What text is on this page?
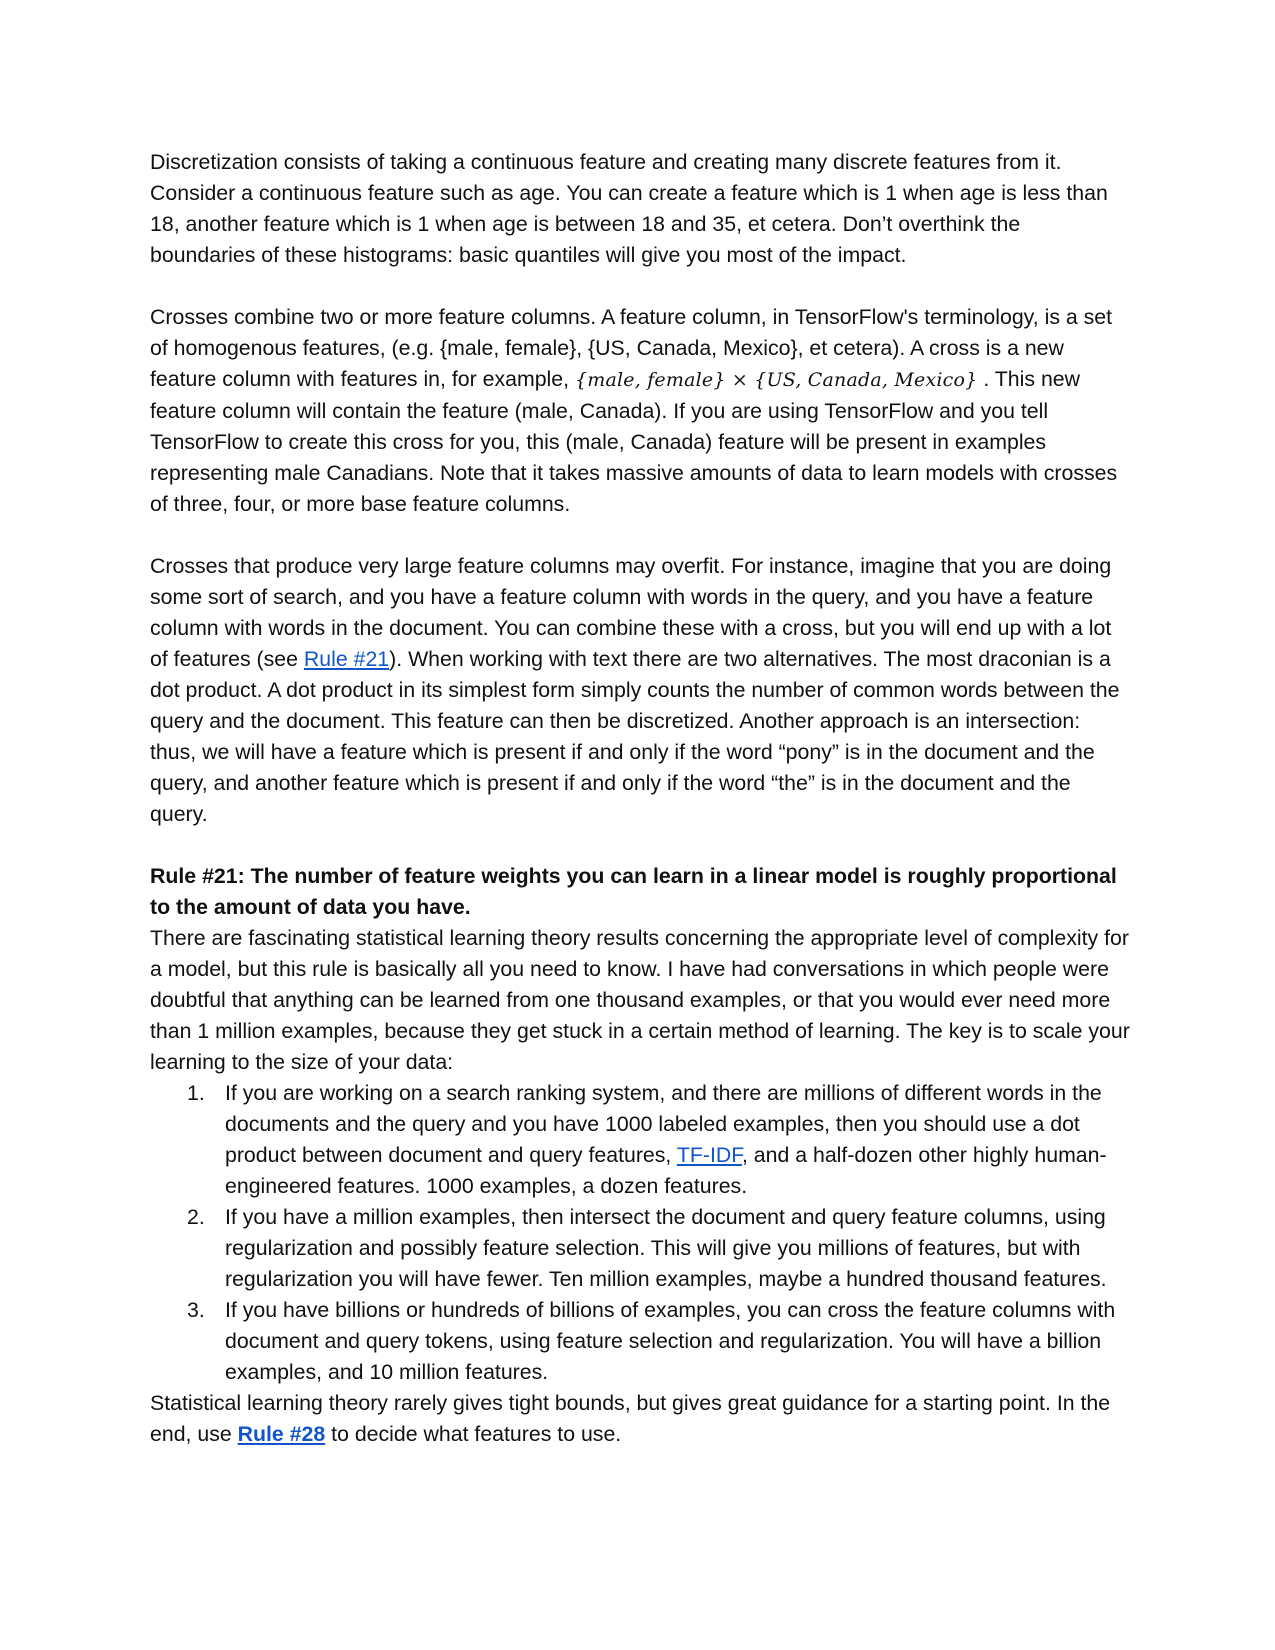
Discretization consists of taking a continuous feature and creating many discrete features from it. Consider a continuous feature such as age. You can create a feature which is 1 when age is less than 18, another feature which is 1 when age is between 18 and 35, et cetera. Don’t overthink the boundaries of these histograms: basic quantiles will give you most of the impact.

Crosses combine two or more feature columns. A feature column, in TensorFlow's terminology, is a set of homogenous features, (e.g. {male, female}, {US, Canada, Mexico}, et cetera). A cross is a new feature column with features in, for example, {male, female} × {US, Canada, Mexico} . This new feature column will contain the feature (male, Canada). If you are using TensorFlow and you tell TensorFlow to create this cross for you, this (male, Canada) feature will be present in examples representing male Canadians. Note that it takes massive amounts of data to learn models with crosses of three, four, or more base feature columns.

Crosses that produce very large feature columns may overfit. For instance, imagine that you are doing some sort of search, and you have a feature column with words in the query, and you have a feature column with words in the document. You can combine these with a cross, but you will end up with a lot of features (see Rule #21). When working with text there are two alternatives. The most draconian is a dot product. A dot product in its simplest form simply counts the number of common words between the query and the document. This feature can then be discretized. Another approach is an intersection: thus, we will have a feature which is present if and only if the word “pony” is in the document and the query, and another feature which is present if and only if the word “the” is in the document and the query.

Rule #21: The number of feature weights you can learn in a linear model is roughly proportional to the amount of data you have.

There are fascinating statistical learning theory results concerning the appropriate level of complexity for a model, but this rule is basically all you need to know. I have had conversations in which people were doubtful that anything can be learned from one thousand examples, or that you would ever need more than 1 million examples, because they get stuck in a certain method of learning. The key is to scale your learning to the size of your data:

1. If you are working on a search ranking system, and there are millions of different words in the documents and the query and you have 1000 labeled examples, then you should use a dot product between document and query features, TF-IDF, and a half-dozen other highly human-engineered features. 1000 examples, a dozen features.
2. If you have a million examples, then intersect the document and query feature columns, using regularization and possibly feature selection. This will give you millions of features, but with regularization you will have fewer. Ten million examples, maybe a hundred thousand features.
3. If you have billions or hundreds of billions of examples, you can cross the feature columns with document and query tokens, using feature selection and regularization. You will have a billion examples, and 10 million features.

Statistical learning theory rarely gives tight bounds, but gives great guidance for a starting point. In the end, use Rule #28 to decide what features to use.
